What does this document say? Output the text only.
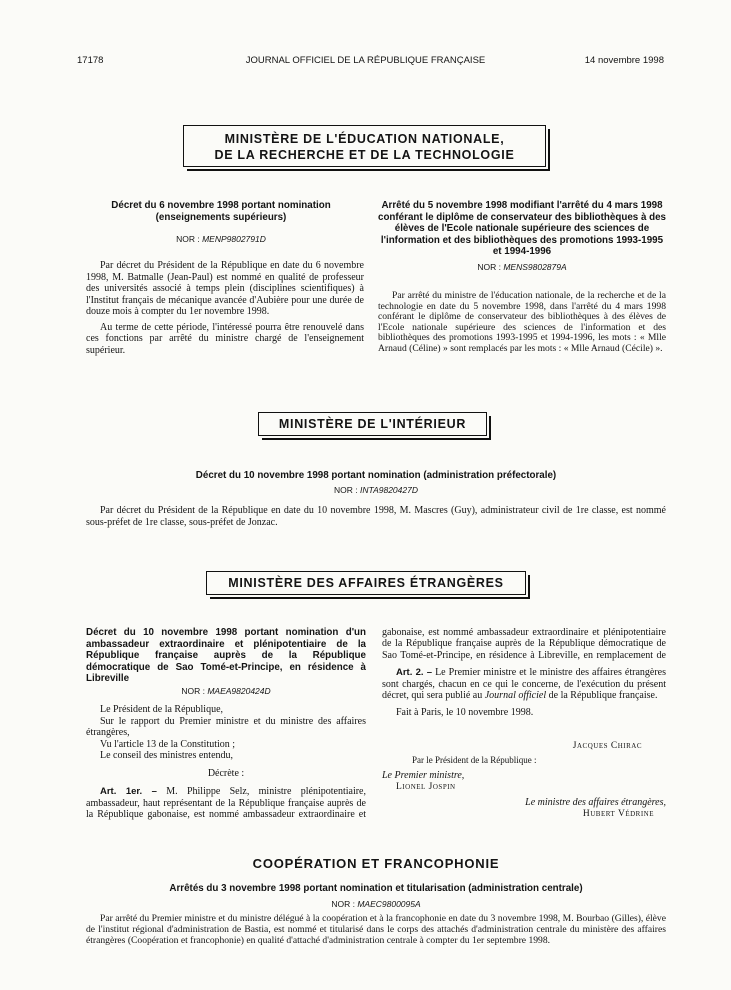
17178	JOURNAL OFFICIEL DE LA RÉPUBLIQUE FRANÇAISE	14 novembre 1998
MINISTÈRE DE L'ÉDUCATION NATIONALE,
DE LA RECHERCHE ET DE LA TECHNOLOGIE
Décret du 6 novembre 1998 portant nomination (enseignements supérieurs)
NOR : MENP9802791D

Par décret du Président de la République en date du 6 novembre 1998, M. Batmalle (Jean-Paul) est nommé en qualité de professeur des universités associé à temps plein (disciplines scientifiques) à l'Institut français de mécanique avancée d'Aubière pour une durée de douze mois à compter du 1er novembre 1998.

Au terme de cette période, l'intéressé pourra être renouvelé dans ces fonctions par arrêté du ministre chargé de l'enseignement supérieur.

Arrêté du 5 novembre 1998 modifiant l'arrêté du 4 mars 1998 conférant le diplôme de conservateur des bibliothèques à des élèves de l'Ecole nationale supérieure des sciences de l'information et des bibliothèques des promotions 1993-1995 et 1994-1996
NOR : MENS9802879A

Par arrêté du ministre de l'éducation nationale, de la recherche et de la technologie en date du 5 novembre 1998, dans l'arrêté du 4 mars 1998 conférant le diplôme de conservateur des bibliothèques à des élèves de l'Ecole nationale supérieure des sciences de l'information et des bibliothèques des promotions 1993-1995 et 1994-1996, les mots : « Mlle Arnaud (Céline) » sont remplacés par les mots : « Mlle Arnaud (Cécile) ».

MINISTÈRE DE L'INTÉRIEUR
Décret du 10 novembre 1998 portant nomination (administration préfectorale)
NOR : INTA9820427D

Par décret du Président de la République en date du 10 novembre 1998, M. Mascres (Guy), administrateur civil de 1re classe, est nommé sous-préfet de 1re classe, sous-préfet de Jonzac.

MINISTÈRE DES AFFAIRES ÉTRANGÈRES
Décret du 10 novembre 1998 portant nomination d'un ambassadeur extraordinaire et plénipotentiaire de la République française auprès de la République démocratique de Sao Tomé-et-Principe, en résidence à Libreville
NOR : MAEA9820424D
Le Président de la République,
Sur le rapport du Premier ministre et du ministre des affaires étrangères,
Vu l'article 13 de la Constitution ;
Le conseil des ministres entendu,
Décrète :

Art. 1er. – M. Philippe Selz, ministre plénipotentiaire, ambassadeur, haut représentant de la République française auprès de la République gabonaise, est nommé ambassadeur extraordinaire et

gabonaise, est nommé ambassadeur extraordinaire et plénipotentiaire de la République française auprès de la République démocratique de Sao Tomé-et-Principe, en résidence à Libreville, en remplacement de

Art. 2. – Le Premier ministre et le ministre des affaires étrangères sont chargés, chacun en ce qui le concerne, de l'exécution du présent décret, qui sera publié au Journal officiel de la République française.

Fait à Paris, le 10 novembre 1998.

Jacques Chirac
Par le Président de la République :
Le Premier ministre,
Lionel Jospin
Le ministre des affaires étrangères,
Hubert Védrine
COOPÉRATION ET FRANCOPHONIE
Arrêtés du 3 novembre 1998 portant nomination et titularisation (administration centrale)
NOR : MAEC9800095A

Par arrêté du Premier ministre et du ministre délégué à la coopération et à la francophonie en date du 3 novembre 1998, M. Bourbao (Gilles), élève de l'institut régional d'administration de Bastia, est nommé et titularisé dans le corps des attachés d'administration centrale du ministère des affaires étrangères (Coopération et francophonie) en qualité d'attaché d'administration centrale à compter du 1er septembre 1998.
